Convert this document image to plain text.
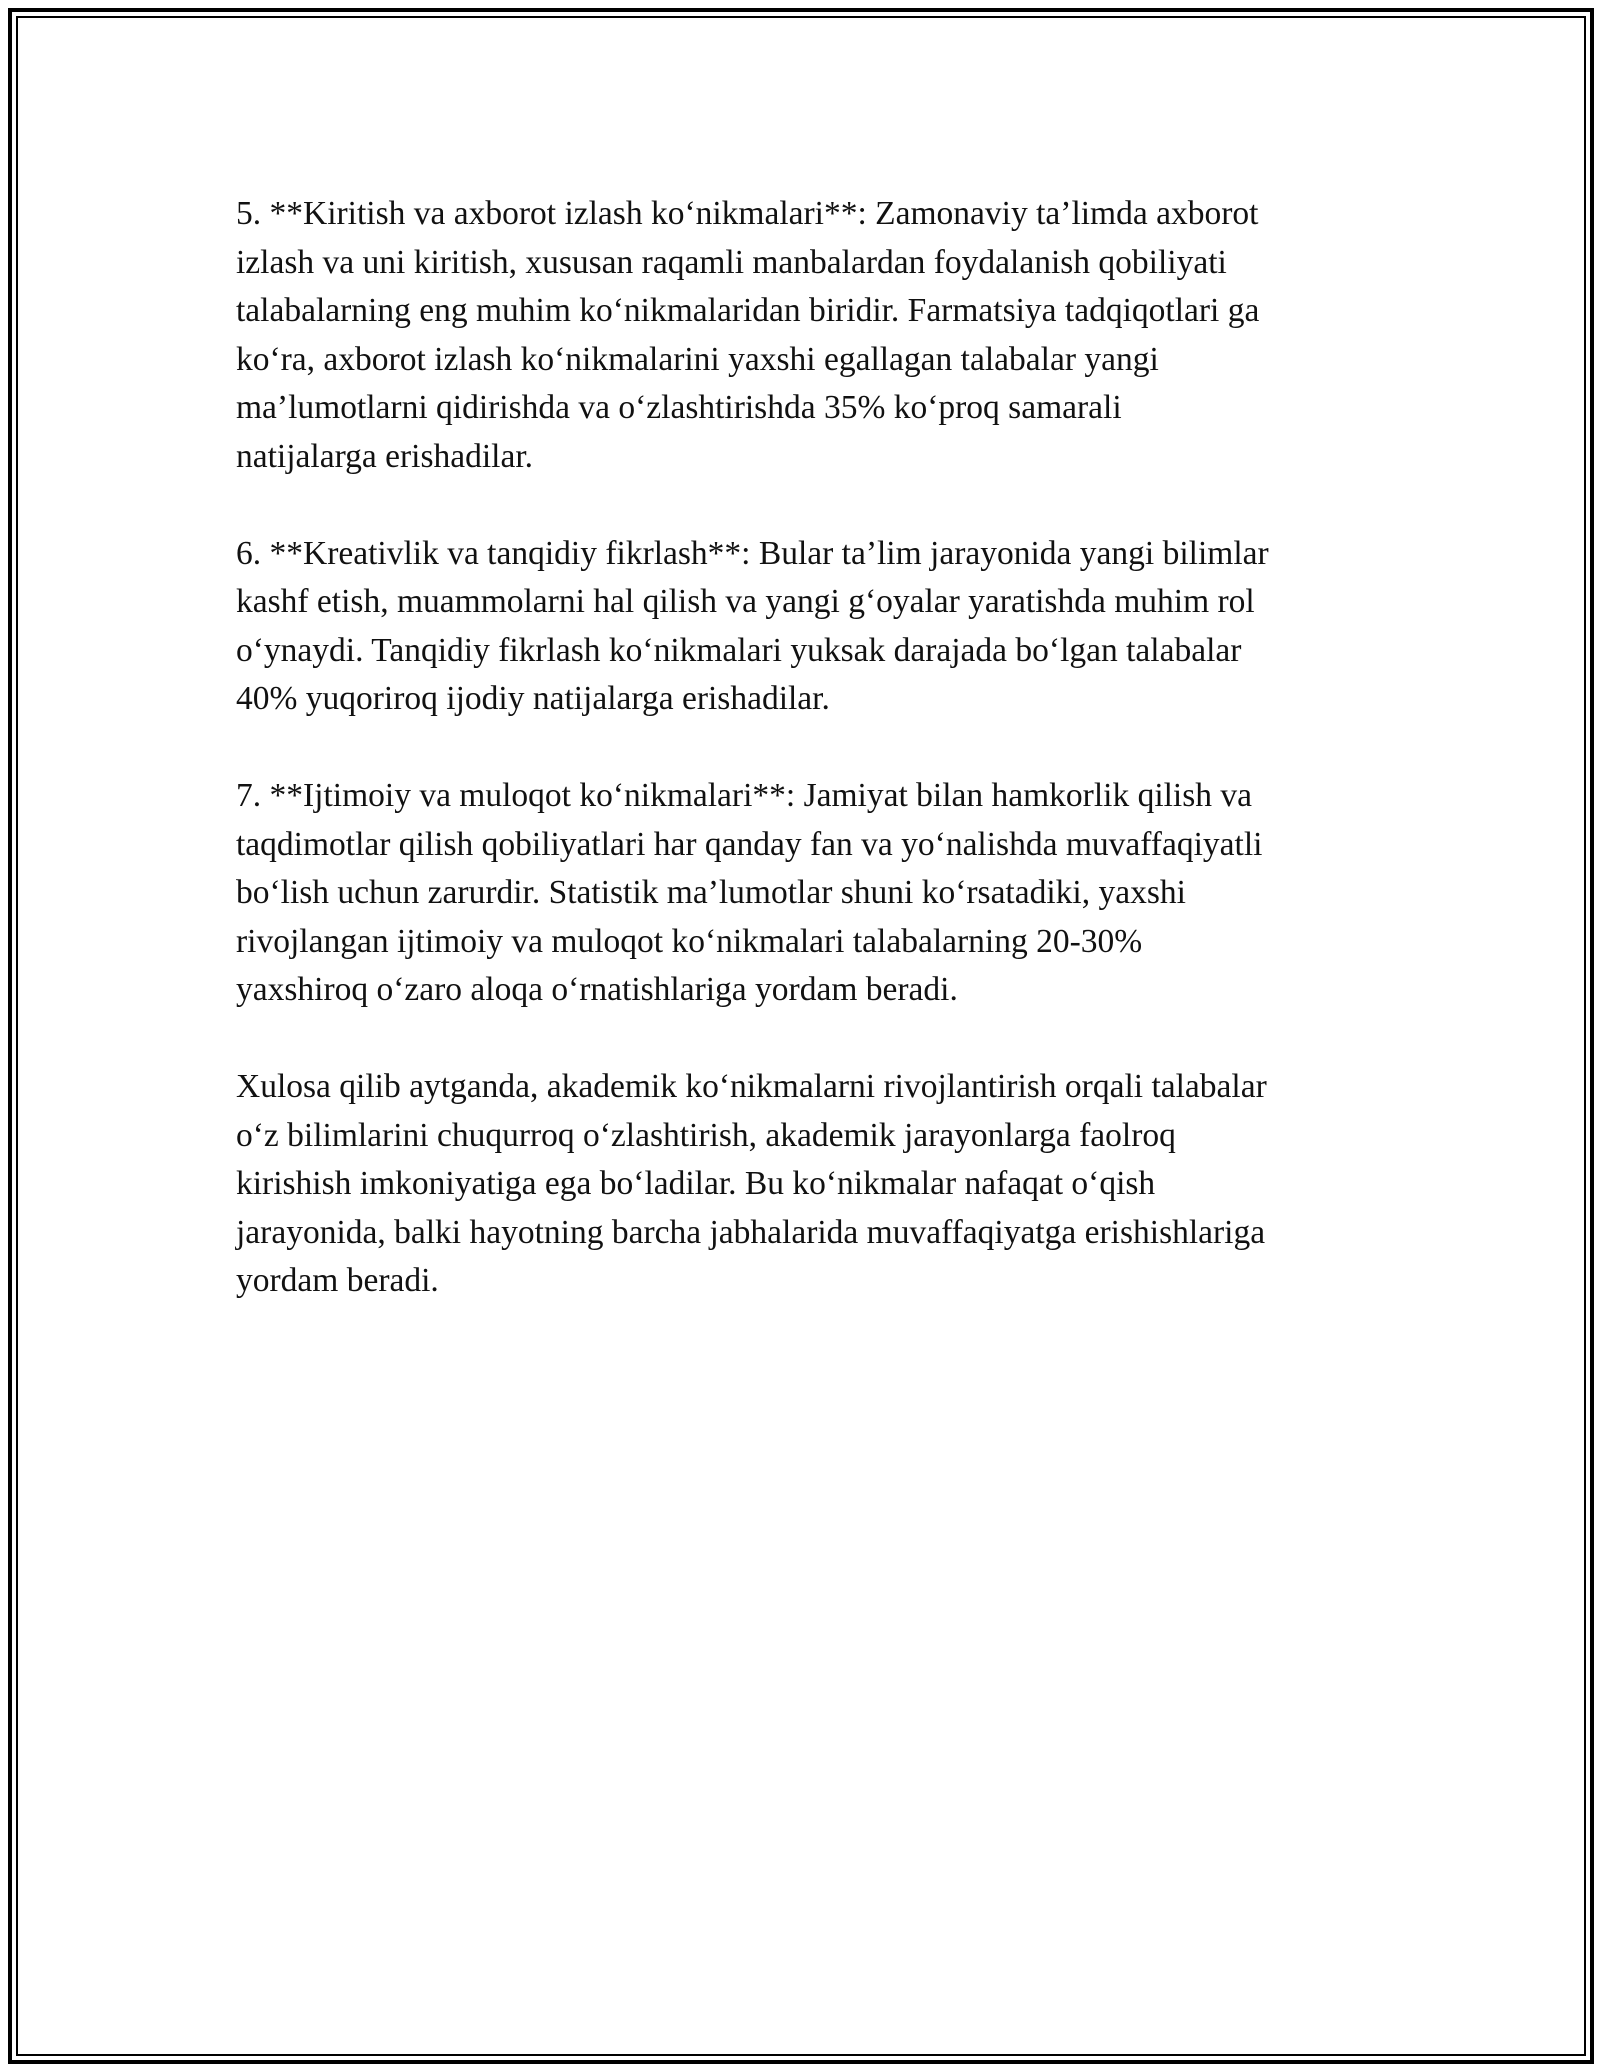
5. **Kiritish va axborot izlash ko‘nikmalari**: Zamonaviy ta’limda axborot
izlash va uni kiritish, xususan raqamli manbalardan foydalanish qobiliyati
talabalarning eng muhim ko‘nikmalaridan biridir. Farmatsiya tadqiqotlari ga
ko‘ra, axborot izlash ko‘nikmalarini yaxshi egallagan talabalar yangi
ma’lumotlarni qidirishda va o‘zlashtirishda 35% ko‘proq samarali
natijalarga erishadilar.

6. **Kreativlik va tanqidiy fikrlash**: Bular ta’lim jarayonida yangi bilimlar
kashf etish, muammolarni hal qilish va yangi g‘oyalar yaratishda muhim rol
o‘ynaydi. Tanqidiy fikrlash ko‘nikmalari yuksak darajada bo‘lgan talabalar
40% yuqoriroq ijodiy natijalarga erishadilar.

7. **Ijtimoiy va muloqot ko‘nikmalari**: Jamiyat bilan hamkorlik qilish va
taqdimotlar qilish qobiliyatlari har qanday fan va yo‘nalishda muvaffaqiyatli
bo‘lish uchun zarurdir. Statistik ma’lumotlar shuni ko‘rsatadiki, yaxshi
rivojlangan ijtimoiy va muloqot ko‘nikmalari talabalarning 20-30%
yaxshiroq o‘zaro aloqa o‘rnatishlariga yordam beradi.

Xulosa qilib aytganda, akademik ko‘nikmalarni rivojlantirish orqali talabalar
o‘z bilimlarini chuqurroq o‘zlashtirish, akademik jarayonlarga faolroq
kirishish imkoniyatiga ega bo‘ladilar. Bu ko‘nikmalar nafaqat o‘qish
jarayonida, balki hayotning barcha jabhalarida muvaffaqiyatga erishishlariga
yordam beradi.
